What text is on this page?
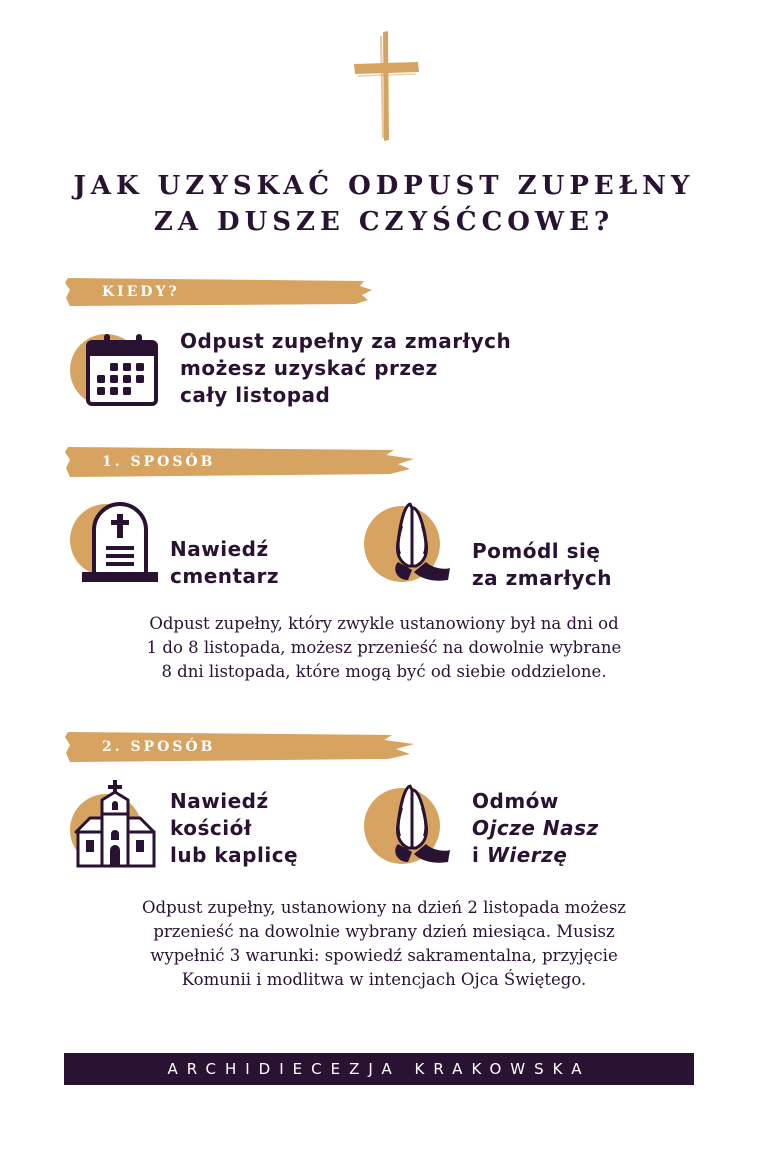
JAK UZYSKAĆ ODPUST ZUPEŁNY
ZA DUSZE CZYŚĆCOWE?

KIEDY?

Odpust zupełny za zmarłych
możesz uzyskać przez
cały listopad

1. SPOSÓB

Nawiedź
cmentarz

Pomódl się
za zmarłych

Odpust zupełny, który zwykle ustanowiony był na dni od
1 do 8 listopada, możesz przenieść na dowolnie wybrane
8 dni listopada, które mogą być od siebie oddzielone.

2. SPOSÓB

Nawiedź
kościół
lub kaplicę

Odmów
Ojcze Nasz
i Wierzę

Odpust zupełny, ustanowiony na dzień 2 listopada możesz
przenieść na dowolnie wybrany dzień miesiąca. Musisz
wypełnić 3 warunki: spowiedź sakramentalna, przyjęcie
Komunii i modlitwa w intencjach Ojca Świętego.

ARCHIDIECEZJA KRAKOWSKA
